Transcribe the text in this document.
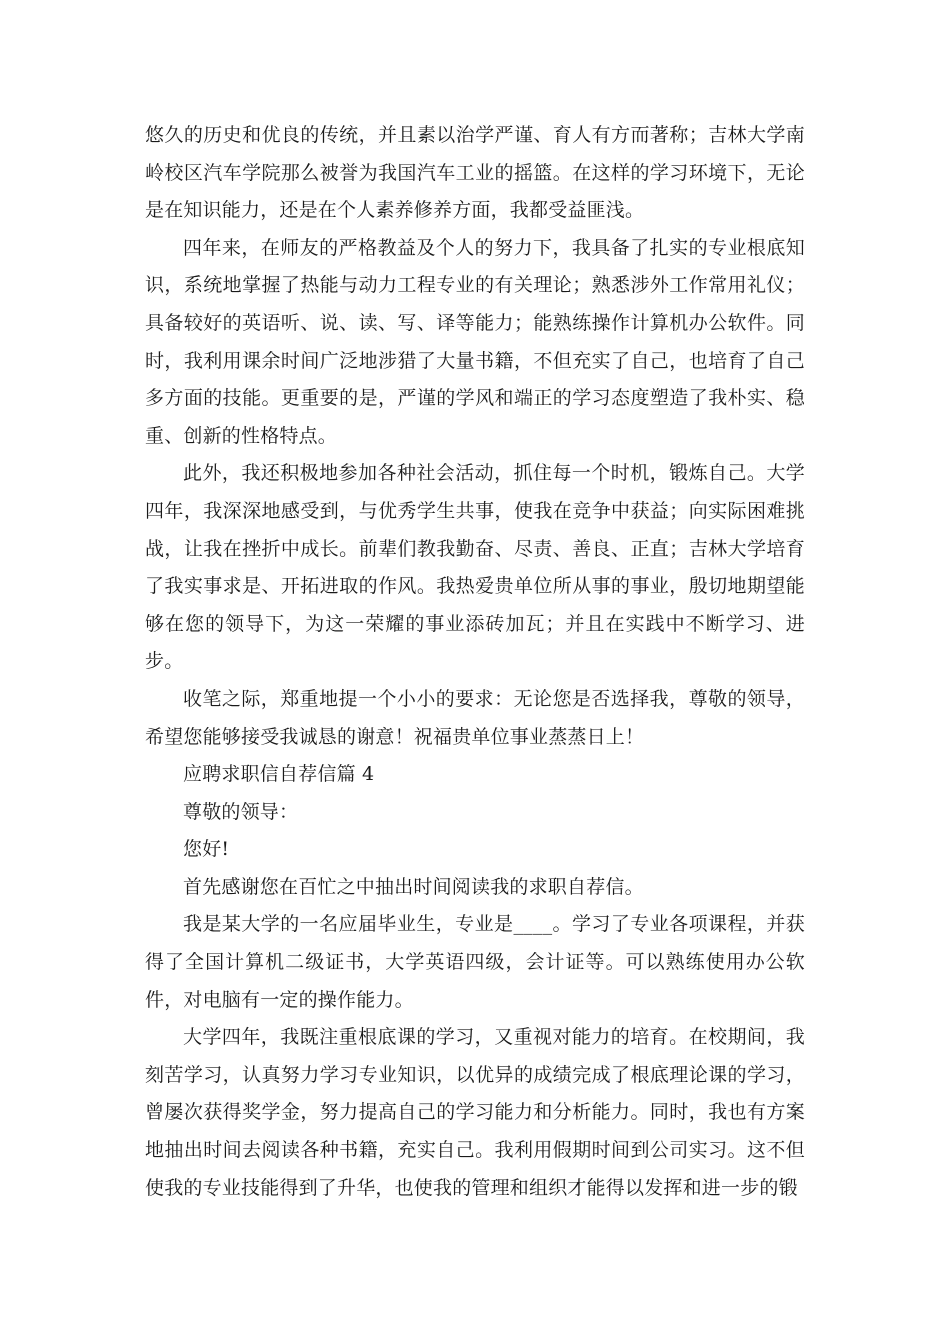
悠久的历史和优良的传统，并且素以治学严谨、育人有方而著称；吉林大学南岭校区汽车学院那么被誉为我国汽车工业的摇篮。在这样的学习环境下，无论是在知识能力，还是在个人素养修养方面，我都受益匪浅。

四年来，在师友的严格教益及个人的努力下，我具备了扎实的专业根底知识，系统地掌握了热能与动力工程专业的有关理论；熟悉涉外工作常用礼仪；具备较好的英语听、说、读、写、译等能力；能熟练操作计算机办公软件。同时，我利用课余时间广泛地涉猎了大量书籍，不但充实了自己，也培育了自己多方面的技能。更重要的是，严谨的学风和端正的学习态度塑造了我朴实、稳重、创新的性格特点。

此外，我还积极地参加各种社会活动，抓住每一个时机，锻炼自己。大学四年，我深深地感受到，与优秀学生共事，使我在竞争中获益；向实际困难挑战，让我在挫折中成长。前辈们教我勤奋、尽责、善良、正直；吉林大学培育了我实事求是、开拓进取的作风。我热爱贵单位所从事的事业，殷切地期望能够在您的领导下，为这一荣耀的事业添砖加瓦；并且在实践中不断学习、进步。

收笔之际，郑重地提一个小小的要求：无论您是否选择我，尊敬的领导，希望您能够接受我诚恳的谢意！祝福贵单位事业蒸蒸日上！

应聘求职信自荐信篇 4

尊敬的领导：

您好!

首先感谢您在百忙之中抽出时间阅读我的求职自荐信。

我是某大学的一名应届毕业生，专业是____。学习了专业各项课程，并获得了全国计算机二级证书，大学英语四级，会计证等。可以熟练使用办公软件，对电脑有一定的操作能力。

大学四年，我既注重根底课的学习，又重视对能力的培育。在校期间，我刻苦学习，认真努力学习专业知识，以优异的成绩完成了根底理论课的学习，曾屡次获得奖学金，努力提高自己的学习能力和分析能力。同时，我也有方案地抽出时间去阅读各种书籍，充实自己。我利用假期时间到公司实习。这不但使我的专业技能得到了升华，也使我的管理和组织才能得以发挥和进一步的锻
